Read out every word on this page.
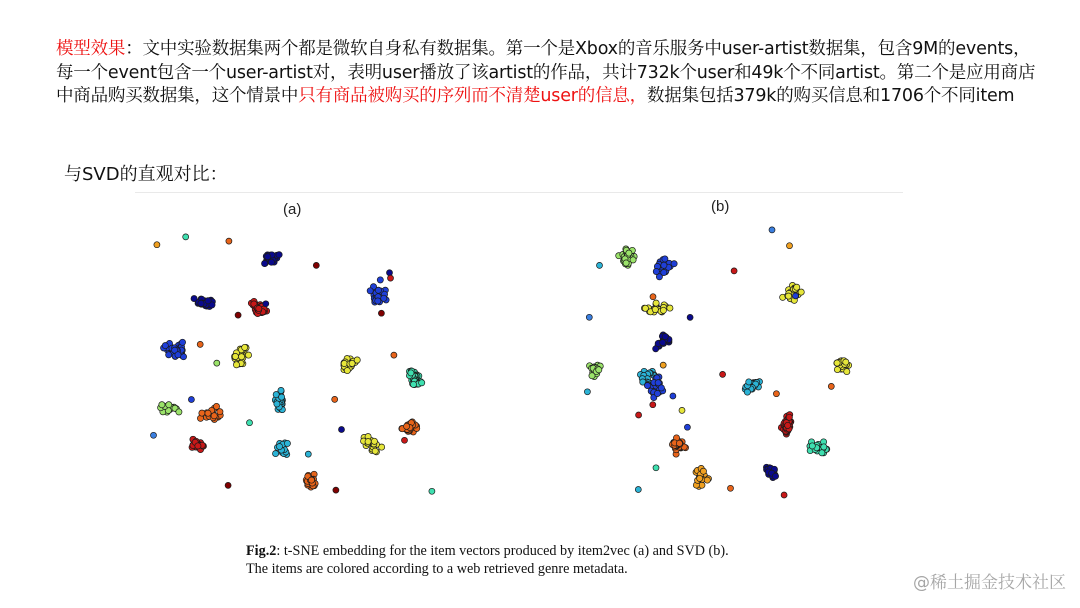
模型效果：文中实验数据集两个都是微软自身私有数据集。第一个是Xbox的音乐服务中user-artist数据集，包含9M的events，每一个event包含一个user-artist对，表明user播放了该artist的作品，共计732k个user和49k个不同artist。第二个是应用商店中商品购买数据集，这个情景中只有商品被购买的序列而不清楚user的信息，数据集包括379k的购买信息和1706个不同item
与SVD的直观对比：
(a)	(b)
Fig.2: t-SNE embedding for the item vectors produced by item2vec (a) and SVD (b).
The items are colored according to a web retrieved genre metadata.
@稀土掘金技术社区
